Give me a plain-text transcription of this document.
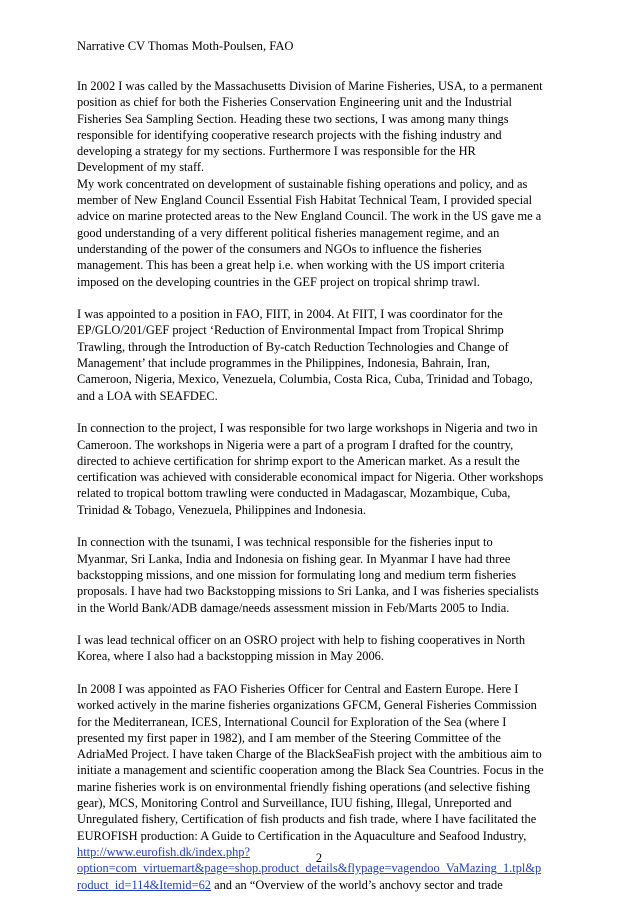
Narrative CV Thomas Moth-Poulsen, FAO

In 2002 I was called by the Massachusetts Division of Marine Fisheries, USA, to a permanent
position as chief for both the Fisheries Conservation Engineering unit and the Industrial
Fisheries Sea Sampling Section. Heading these two sections, I was among many things
responsible for identifying cooperative research projects with the fishing industry and
developing a strategy for my sections. Furthermore I was responsible for the HR
Development of my staff.
My work concentrated on development of sustainable fishing operations and policy, and as
member of New England Council Essential Fish Habitat Technical Team, I provided special
advice on marine protected areas to the New England Council. The work in the US gave me a
good understanding of a very different political fisheries management regime, and an
understanding of the power of the consumers and NGOs to influence the fisheries
management. This has been a great help i.e. when working with the US import criteria
imposed on the developing countries in the GEF project on tropical shrimp trawl.

I was appointed to a position in FAO, FIIT, in 2004. At FIIT, I was coordinator for the
EP/GLO/201/GEF project ‘Reduction of Environmental Impact from Tropical Shrimp
Trawling, through the Introduction of By-catch Reduction Technologies and Change of
Management’ that include programmes in the Philippines, Indonesia, Bahrain, Iran,
Cameroon, Nigeria, Mexico, Venezuela, Columbia, Costa Rica, Cuba, Trinidad and Tobago,
and a LOA with SEAFDEC.

In connection to the project, I was responsible for two large workshops in Nigeria and two in
Cameroon. The workshops in Nigeria were a part of a program I drafted for the country,
directed to achieve certification for shrimp export to the American market. As a result the
certification was achieved with considerable economical impact for Nigeria. Other workshops
related to tropical bottom trawling were conducted in Madagascar, Mozambique, Cuba,
Trinidad & Tobago, Venezuela, Philippines and Indonesia.

In connection with the tsunami, I was technical responsible for the fisheries input to
Myanmar, Sri Lanka, India and Indonesia on fishing gear. In Myanmar I have had three
backstopping missions, and one mission for formulating long and medium term fisheries
proposals. I have had two Backstopping missions to Sri Lanka, and I was fisheries specialists
in the World Bank/ADB damage/needs assessment mission in Feb/Marts 2005 to India.

I was lead technical officer on an OSRO project with help to fishing cooperatives in North
Korea, where I also had a backstopping mission in May 2006.

In 2008 I was appointed as FAO Fisheries Officer for Central and Eastern Europe. Here I
worked actively in the marine fisheries organizations GFCM, General Fisheries Commission
for the Mediterranean, ICES, International Council for Exploration of the Sea (where I
presented my first paper in 1982), and I am member of the Steering Committee of the
AdriaMed Project. I have taken Charge of the BlackSeaFish project with the ambitious aim to
initiate a management and scientific cooperation among the Black Sea Countries. Focus in the
marine fisheries work is on environmental friendly fishing operations (and selective fishing
gear), MCS, Monitoring Control and Surveillance, IUU fishing, Illegal, Unreported and
Unregulated fishery, Certification of fish products and fish trade, where I have facilitated the
EUROFISH production: A Guide to Certification in the Aquaculture and Seafood Industry,
http://www.eurofish.dk/index.php?
option=com_virtuemart&page=shop.product_details&flypage=vagendoo_VaMazing_1.tpl&p
roduct_id=114&Itemid=62 and an “Overview of the world’s anchovy sector and trade

2
